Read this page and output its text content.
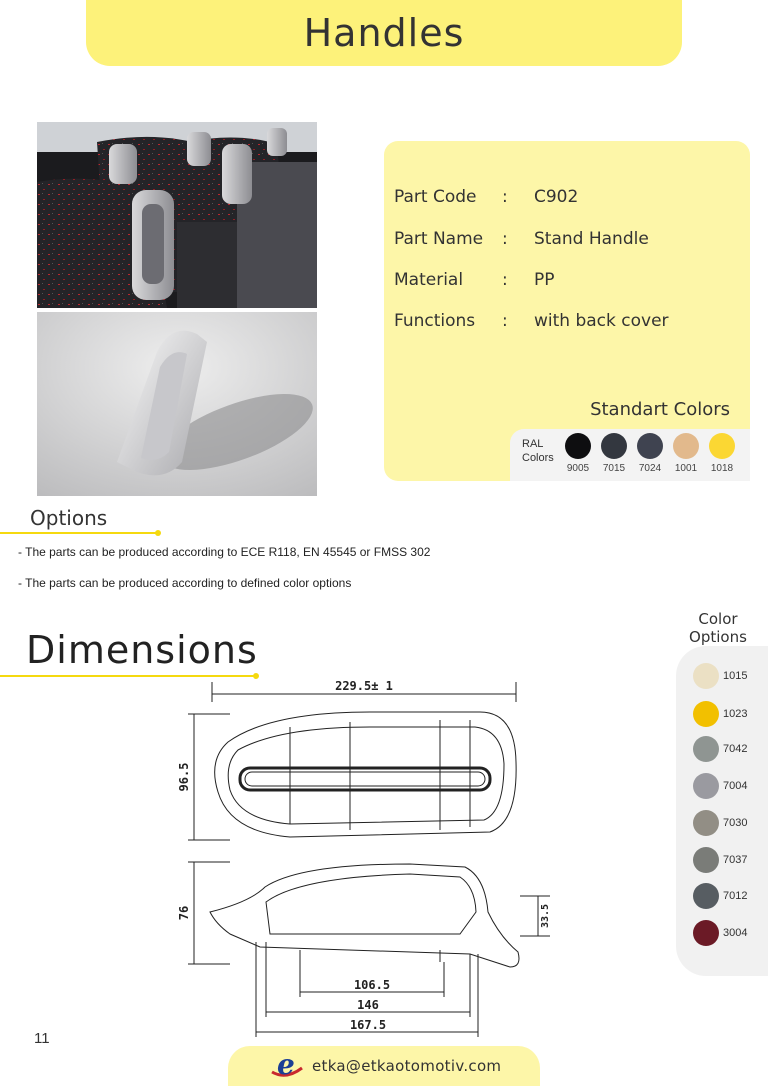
Handles
Part Code	: C902
Part Name	: Stand Handle
Material	: PP
Functions	: with back cover
Standart Colors
RAL Colors
9005	7015	7024	1001	1018
Options
- The parts can be produced according to ECE R118, EN 45545 or FMSS 302
- The parts can be produced according to defined color options
Dimensions
229.5± 1
96.5
76	33.5
106.5
146
167.5
Color Options
1015
1023
7042
7004
7030
7037
7012
3004
11
e etka@etkaotomotiv.com
